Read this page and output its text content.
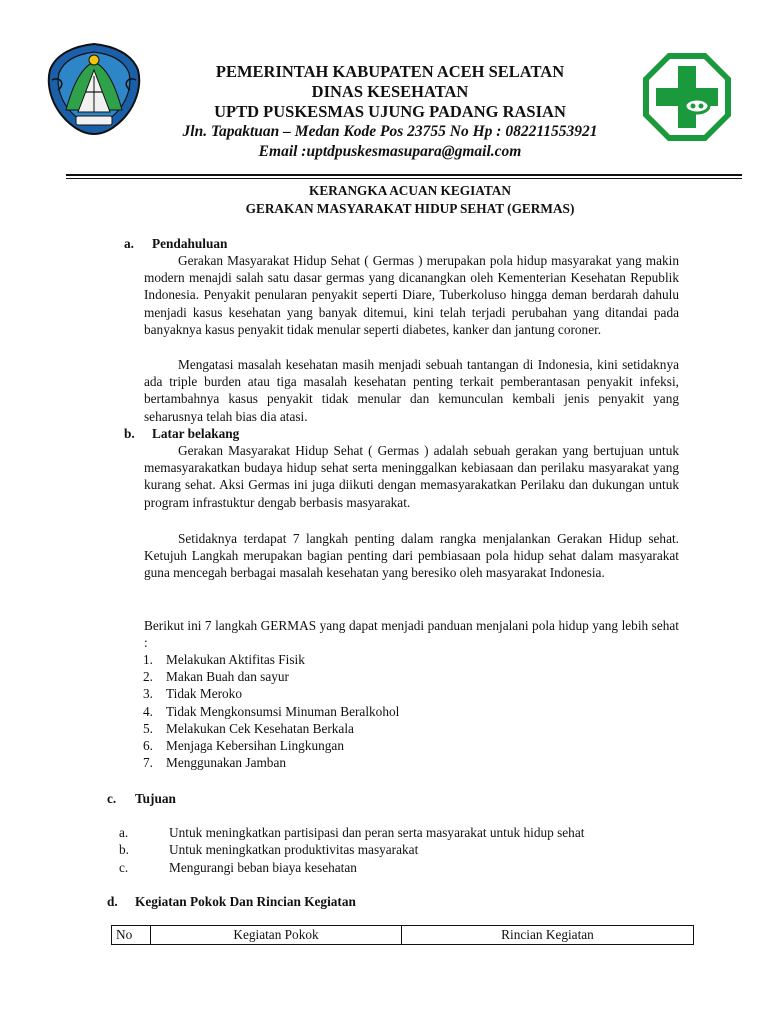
PEMERINTAH KABUPATEN ACEH SELATAN
DINAS KESEHATAN
UPTD PUSKESMAS UJUNG PADANG RASIAN
Jln. Tapaktuan – Medan Kode Pos 23755 No Hp : 082211553921
Email :uptdpuskesmasupara@gmail.com
KERANGKA ACUAN KEGIATAN
GERAKAN MASYARAKAT HIDUP SEHAT (GERMAS)
a. Pendahuluan

Gerakan Masyarakat Hidup Sehat ( Germas ) merupakan pola hidup masyarakat yang makin modern menajdi salah satu dasar germas yang dicanangkan oleh Kementerian Kesehatan Republik Indonesia. Penyakit penularan penyakit seperti Diare, Tuberkoluso hingga deman berdarah dahulu menjadi kasus kesehatan yang banyak ditemui, kini telah terjadi perubahan yang ditandai pada banyaknya kasus penyakit tidak menular seperti diabetes, kanker dan jantung coroner.

Mengatasi masalah kesehatan masih menjadi sebuah tantangan di Indonesia, kini setidaknya ada triple burden atau tiga masalah kesehatan penting terkait pemberantasan penyakit infeksi, bertambahnya kasus penyakit tidak menular dan kemunculan kembali jenis penyakit yang seharusnya telah bias dia atasi.

b. Latar belakang

Gerakan Masyarakat Hidup Sehat ( Germas ) adalah sebuah gerakan yang bertujuan untuk memasyarakatkan budaya hidup sehat serta meninggalkan kebiasaan dan perilaku masyarakat yang kurang sehat. Aksi Germas ini juga diikuti dengan memasyarakatkan Perilaku dan dukungan untuk program infrastuktur dengab berbasis masyarakat.

Setidaknya terdapat 7 langkah penting dalam rangka menjalankan Gerakan Hidup sehat. Ketujuh Langkah merupakan bagian penting dari pembiasaan pola hidup sehat dalam masyarakat guna mencegah berbagai masalah kesehatan yang beresiko oleh masyarakat Indonesia.

Berikut ini 7 langkah GERMAS yang dapat menjadi panduan menjalani pola hidup yang lebih sehat :

1. Melakukan Aktifitas Fisik
2. Makan Buah dan sayur
3. Tidak Meroko
4. Tidak Mengkonsumsi Minuman Beralkohol
5. Melakukan Cek Kesehatan Berkala
6. Menjaga Kebersihan Lingkungan
7. Menggunakan Jamban
c. Tujuan
a.	Untuk meningkatkan partisipasi dan peran serta masyarakat untuk hidup sehat
b.	Untuk meningkatkan produktivitas masyarakat
c.	Mengurangi beban biaya kesehatan
d. Kegiatan Pokok Dan Rincian Kegiatan
No	Kegiatan Pokok	Rincian Kegiatan
